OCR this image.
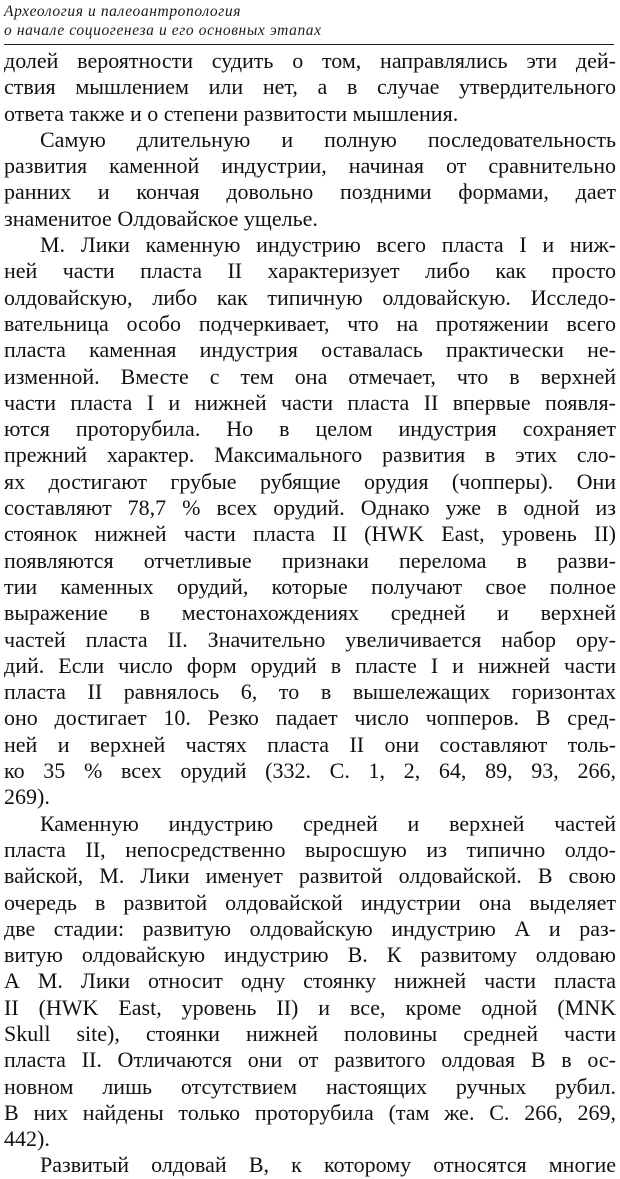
Археология и палеоантропология
о начале социогенеза и его основных этапах
долей вероятности судить о том, направлялись эти дей-
ствия мышлением или нет, а в случае утвердительного
ответа также и о степени развитости мышления.
Самую длительную и полную последовательность
развития каменной индустрии, начиная от сравнительно
ранних и кончая довольно поздними формами, дает
знаменитое Олдовайское ущелье.
М. Лики каменную индустрию всего пласта I и ниж-
ней части пласта II характеризует либо как просто
олдовайскую, либо как типичную олдовайскую. Исследо-
вательница особо подчеркивает, что на протяжении всего
пласта каменная индустрия оставалась практически не-
изменной. Вместе с тем она отмечает, что в верхней
части пласта I и нижней части пласта II впервые появля-
ются проторубила. Но в целом индустрия сохраняет
прежний характер. Максимального развития в этих сло-
ях достигают грубые рубящие орудия (чопперы). Они
составляют 78,7 % всех орудий. Однако уже в одной из
стоянок нижней части пласта II (HWK East, уровень II)
появляются отчетливые признаки перелома в разви-
тии каменных орудий, которые получают свое полное
выражение в местонахождениях средней и верхней
частей пласта II. Значительно увеличивается набор ору-
дий. Если число форм орудий в пласте I и нижней части
пласта II равнялось 6, то в вышележащих горизонтах
оно достигает 10. Резко падает число чопперов. В сред-
ней и верхней частях пласта II они составляют толь-
ко 35 % всех орудий (332. С. 1, 2, 64, 89, 93, 266,
269).
Каменную индустрию средней и верхней частей
пласта II, непосредственно выросшую из типично олдо-
вайской, М. Лики именует развитой олдовайской. В свою
очередь в развитой олдовайской индустрии она выделяет
две стадии: развитую олдовайскую индустрию А и раз-
витую олдовайскую индустрию В. К развитому олдоваю
А М. Лики относит одну стоянку нижней части пласта
II (HWK East, уровень II) и все, кроме одной (MNK
Skull site), стоянки нижней половины средней части
пласта II. Отличаются они от развитого олдовая В в ос-
новном лишь отсутствием настоящих ручных рубил.
В них найдены только проторубила (там же. С. 266, 269,
442).
Развитый олдовай В, к которому относятся многие
